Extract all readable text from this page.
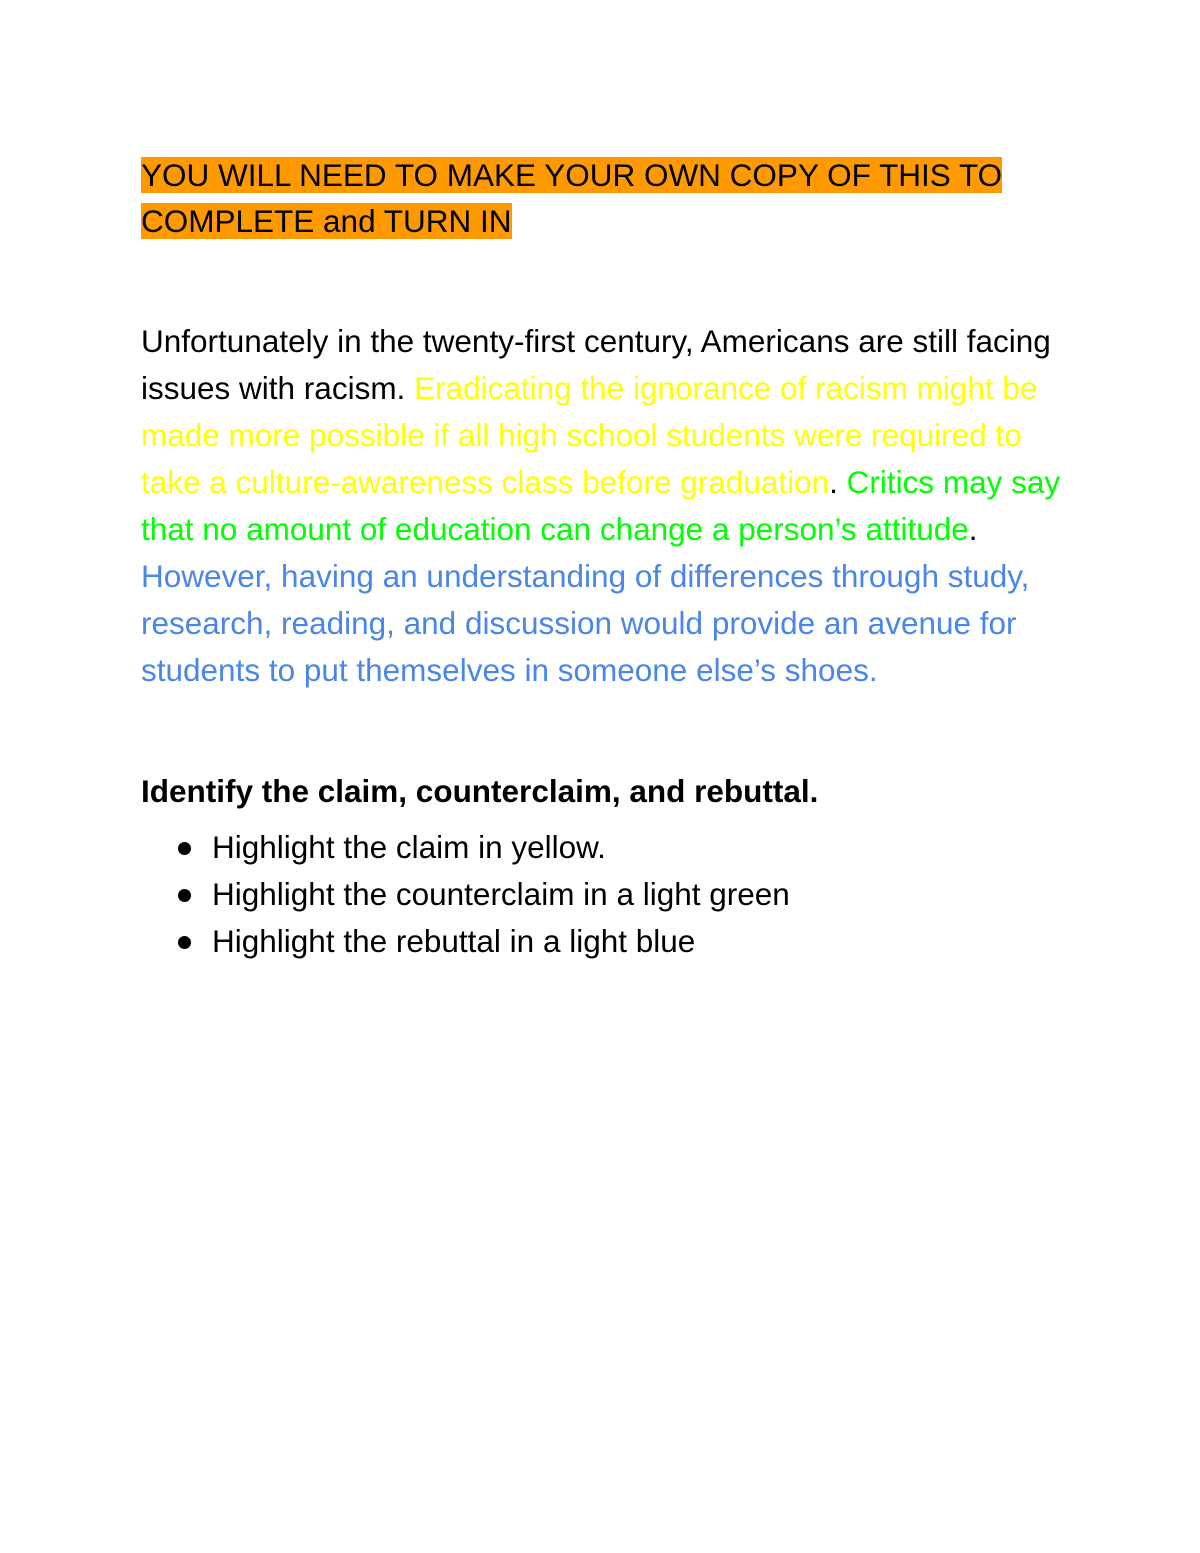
YOU WILL NEED TO MAKE YOUR OWN COPY OF THIS TO COMPLETE and TURN IN

Unfortunately in the twenty-first century, Americans are still facing issues with racism. Eradicating the ignorance of racism might be made more possible if all high school students were required to take a culture-awareness class before graduation. Critics may say that no amount of education can change a person’s attitude. However, having an understanding of differences through study, research, reading, and discussion would provide an avenue for students to put themselves in someone else’s shoes.

Identify the claim, counterclaim, and rebuttal.

Highlight the claim in yellow.
Highlight the counterclaim in a light green
Highlight the rebuttal in a light blue
